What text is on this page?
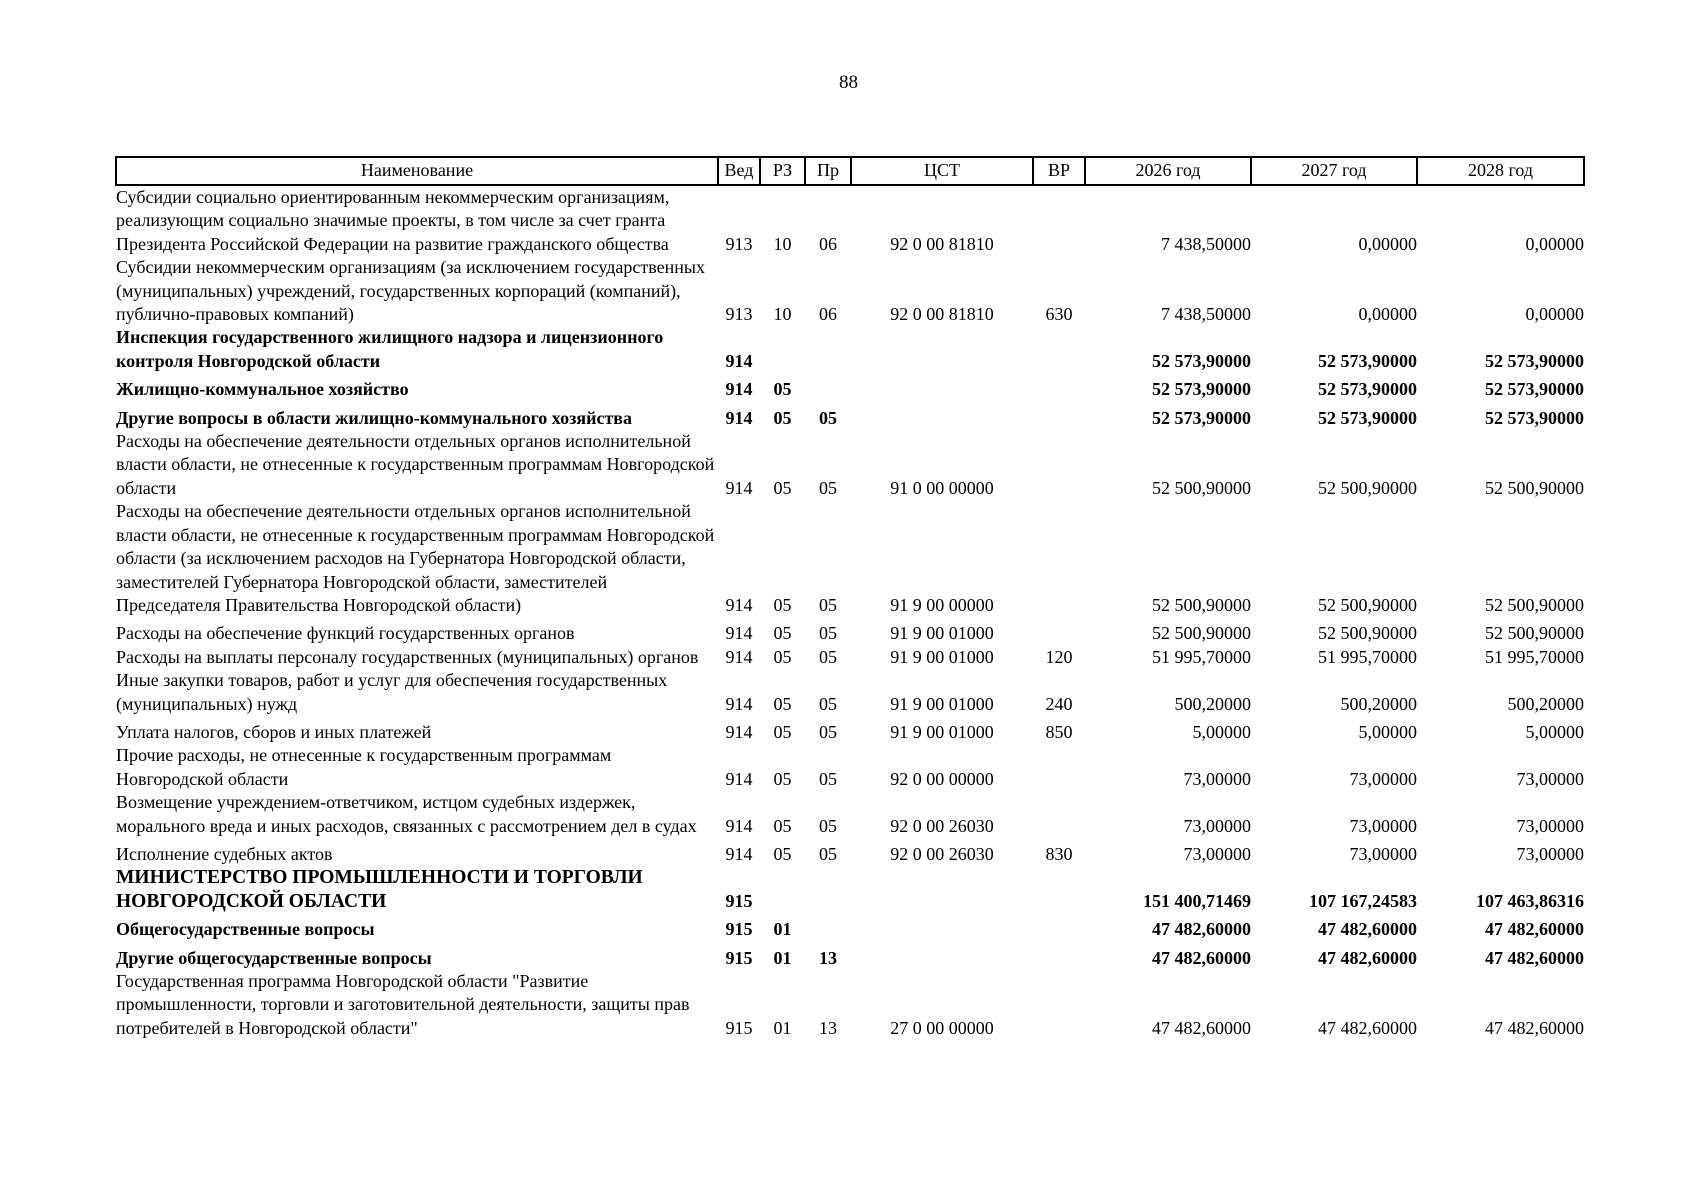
88
Наименование	Вед	РЗ	Пр	ЦСТ	ВР	2026 год	2027 год	2028 год
Субсидии социально ориентированным некоммерческим организациям, реализующим социально значимые проекты, в том числе за счет гранта Президента Российской Федерации на развитие гражданского общества	913	10	06	92 0 00 81810		7 438,50000	0,00000	0,00000
Субсидии некоммерческим организациям (за исключением государственных (муниципальных) учреждений, государственных корпораций (компаний), публично-правовых компаний)	913	10	06	92 0 00 81810	630	7 438,50000	0,00000	0,00000
Инспекция государственного жилищного надзора и лицензионного контроля Новгородской области	914					52 573,90000	52 573,90000	52 573,90000
Жилищно-коммунальное хозяйство	914	05				52 573,90000	52 573,90000	52 573,90000
Другие вопросы в области жилищно-коммунального хозяйства	914	05	05			52 573,90000	52 573,90000	52 573,90000
Расходы на обеспечение деятельности отдельных органов исполнительной власти области, не отнесенные к государственным программам Новгородской области	914	05	05	91 0 00 00000		52 500,90000	52 500,90000	52 500,90000
Расходы на обеспечение деятельности отдельных органов исполнительной власти области, не отнесенные к государственным программам Новгородской области (за исключением расходов на Губернатора Новгородской области, заместителей Губернатора Новгородской области, заместителей Председателя Правительства Новгородской области)	914	05	05	91 9 00 00000		52 500,90000	52 500,90000	52 500,90000
Расходы на обеспечение функций государственных органов	914	05	05	91 9 00 01000		52 500,90000	52 500,90000	52 500,90000
Расходы на выплаты персоналу государственных (муниципальных) органов	914	05	05	91 9 00 01000	120	51 995,70000	51 995,70000	51 995,70000
Иные закупки товаров, работ и услуг для обеспечения государственных (муниципальных) нужд	914	05	05	91 9 00 01000	240	500,20000	500,20000	500,20000
Уплата налогов, сборов и иных платежей	914	05	05	91 9 00 01000	850	5,00000	5,00000	5,00000
Прочие расходы, не отнесенные к государственным программам Новгородской области	914	05	05	92 0 00 00000		73,00000	73,00000	73,00000
Возмещение учреждением-ответчиком, истцом судебных издержек, морального вреда и иных расходов, связанных с рассмотрением дел в судах	914	05	05	92 0 00 26030		73,00000	73,00000	73,00000
Исполнение судебных актов	914	05	05	92 0 00 26030	830	73,00000	73,00000	73,00000
МИНИСТЕРСТВО ПРОМЫШЛЕННОСТИ И ТОРГОВЛИ НОВГОРОДСКОЙ ОБЛАСТИ	915					151 400,71469	107 167,24583	107 463,86316
Общегосударственные вопросы	915	01				47 482,60000	47 482,60000	47 482,60000
Другие общегосударственные вопросы	915	01	13			47 482,60000	47 482,60000	47 482,60000
Государственная программа Новгородской области "Развитие промышленности, торговли и заготовительной деятельности, защиты прав потребителей в Новгородской области"	915	01	13	27 0 00 00000		47 482,60000	47 482,60000	47 482,60000
